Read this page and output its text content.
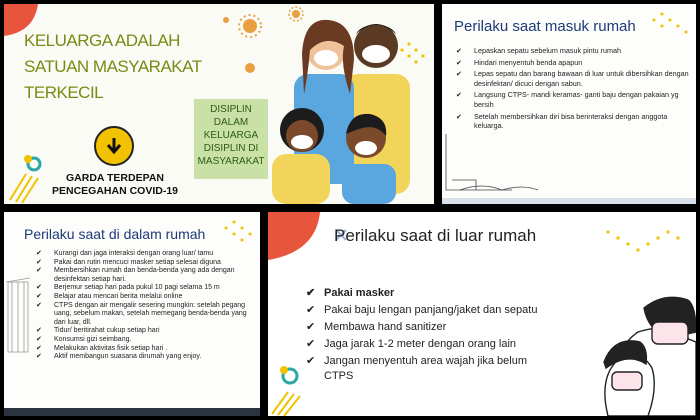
KELUARGA ADALAH
SATUAN MASYARAKAT
TERKECIL
GARDA TERDEPAN
PENCEGAHAN COVID-19
DISIPLIN
DALAM
KELUARGA
DISIPLIN DI
MASYARAKAT
Perilaku saat masuk rumah
✔ Lepaskan sepatu sebelum masuk pintu rumah
✔ Hindari menyentuh benda apapun
✔ Lepas sepatu dan barang bawaan di luar untuk dibersihkan dengan desinfektan/ dicuci dengan sabun.
✔ Langsung CTPS- mandi keramas- ganti baju dengan pakaian yg bersih
✔ Setelah membersihkan diri bisa berinteraksi dengan anggota keluarga.
Perilaku saat di dalam rumah
✔ Kurangi dan jaga interaksi dengan orang luar/ tamu
✔ Pakai dan rutin mencuci masker setiap selesai diguna
✔ Membersihkan rumah dan benda-benda yang ada dengan desinfektan setiap hari.
✔ Berjemur setiap hari pada pukul 10 pagi selama 15 m
✔ Belajar atau mencari berita melalui online
✔ CTPS dengan air mengalir sesering mungkin: setelah pegang uang, sebelum makan, setelah memegang benda-benda yang dari luar, dll.
✔ Tidur/ beritirahat cukup setiap hari
✔ Konsumsi gizi seimbang.
✔ Melakukan aktivitas fisik setiap hari .
✔ Aktif membangun suasana dirumah yang enjoy.
Perilaku saat di luar rumah
✔ Pakai masker
✔ Pakai baju lengan panjang/jaket dan sepatu
✔ Membawa hand sanitizer
✔ Jaga jarak 1-2 meter dengan orang lain
✔ Jangan menyentuh area wajah jika belum CTPS
